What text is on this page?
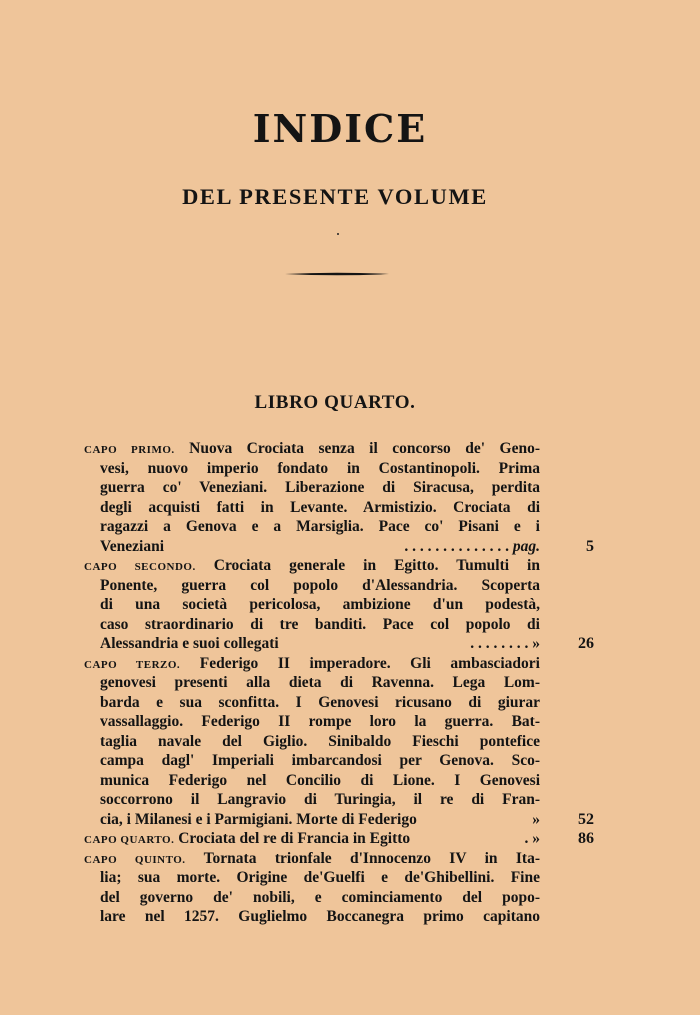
INDICE
DEL PRESENTE VOLUME
LIBRO QUARTO.
CAPO PRIMO. Nuova Crociata senza il concorso de' Geno-
vesi, nuovo imperio fondato in Costantinopoli. Prima
guerra co' Veneziani. Liberazione di Siracusa, perdita
degli acquisti fatti in Levante. Armistizio. Crociata di
ragazzi a Genova e a Marsiglia. Pace co' Pisani e i
Veneziani	. . . . . . . . . . . . . . pag.	5
CAPO SECONDO. Crociata generale in Egitto. Tumulti in
Ponente, guerra col popolo d'Alessandria. Scoperta
di una società pericolosa, ambizione d'un podestà,
caso straordinario di tre banditi. Pace col popolo di
Alessandria e suoi collegati	. . . . . . . . »	26
CAPO TERZO. Federigo II imperadore. Gli ambasciadori
genovesi presenti alla dieta di Ravenna. Lega Lom-
barda e sua sconfitta. I Genovesi ricusano di giurar
vassallaggio. Federigo II rompe loro la guerra. Bat-
taglia navale del Giglio. Sinibaldo Fieschi pontefice
campa dagl' Imperiali imbarcandosi per Genova. Sco-
munica Federigo nel Concilio di Lione. I Genovesi
soccorrono il Langravio di Turingia, il re di Fran-
cia, i Milanesi e i Parmigiani. Morte di Federigo	»	52
CAPO QUARTO. Crociata del re di Francia in Egitto	. »	86
CAPO QUINTO. Tornata trionfale d'Innocenzo IV in Ita-
lia; sua morte. Origine de'Guelfi e de'Ghibellini. Fine
del governo de' nobili, e cominciamento del popo-
lare nel 1257. Guglielmo Boccanegra primo capitano
